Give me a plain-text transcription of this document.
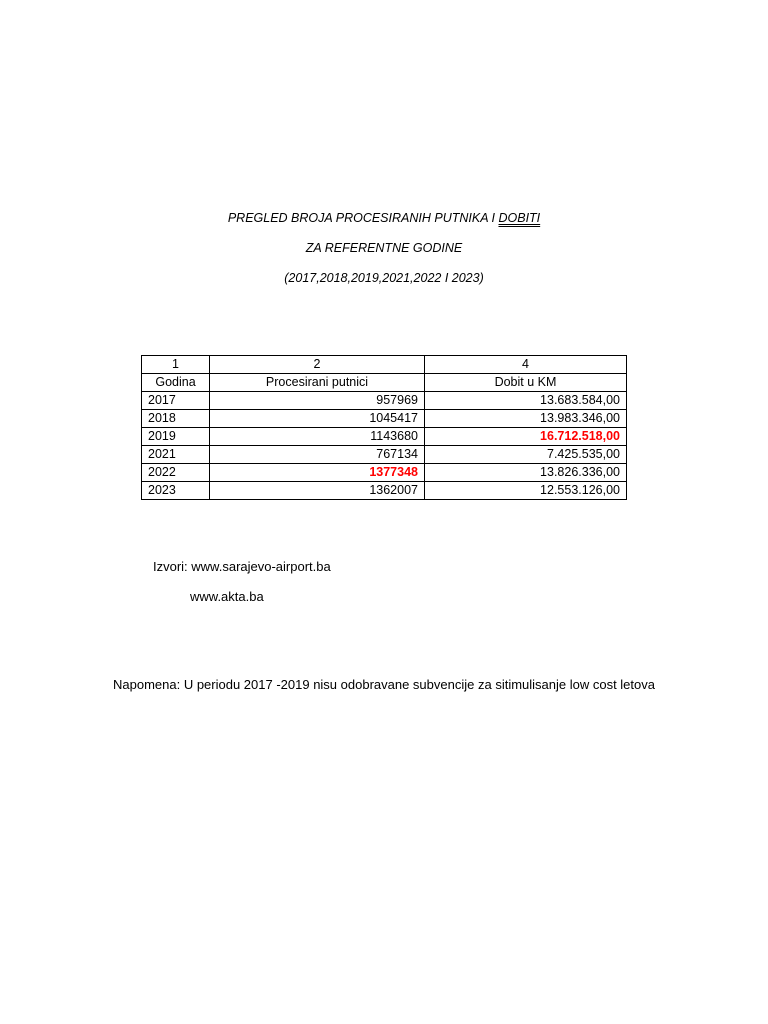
PREGLED BROJA PROCESIRANIH PUTNIKA I DOBITI
ZA REFERENTNE GODINE
(2017,2018,2019,2021,2022 I 2023)
1	2	4
Godina	Procesirani putnici	Dobit u KM
2017	957969	13.683.584,00
2018	1045417	13.983.346,00
2019	1143680	16.712.518,00
2021	767134	7.425.535,00
2022	1377348	13.826.336,00
2023	1362007	12.553.126,00
Izvori: www.sarajevo-airport.ba
www.akta.ba
Napomena: U periodu 2017 -2019 nisu odobravane subvencije za sitimulisanje low cost letova
